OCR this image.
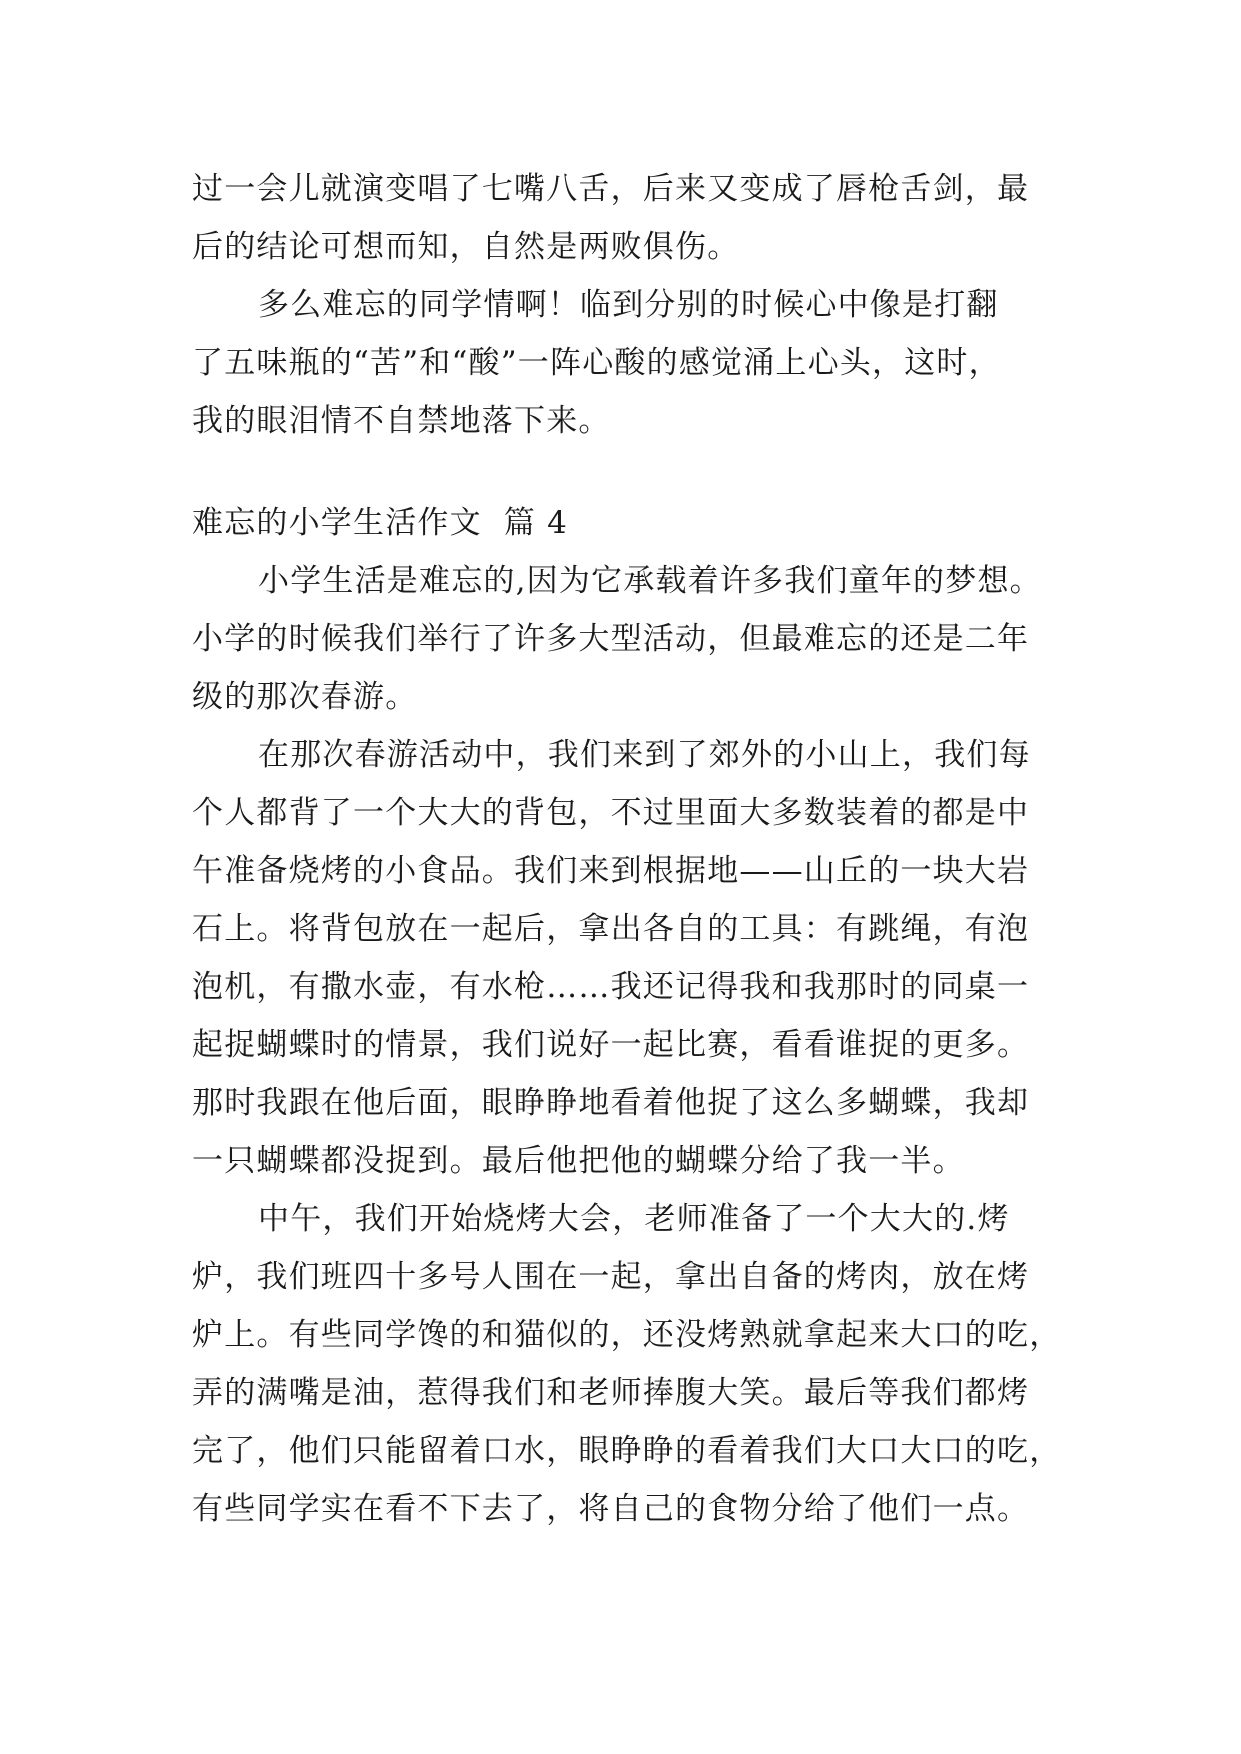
过一会儿就演变唱了七嘴八舌，后来又变成了唇枪舌剑，最
后的结论可想而知，自然是两败俱伤。
多么难忘的同学情啊！临到分别的时候心中像是打翻
了五味瓶的“苦”和“酸”一阵心酸的感觉涌上心头，这时，
我的眼泪情不自禁地落下来。
难忘的小学生活作文  篇 4
小学生活是难忘的,因为它承载着许多我们童年的梦想。
小学的时候我们举行了许多大型活动，但最难忘的还是二年
级的那次春游。
在那次春游活动中，我们来到了郊外的小山上，我们每
个人都背了一个大大的背包，不过里面大多数装着的都是中
午准备烧烤的小食品。我们来到根据地——山丘的一块大岩
石上。将背包放在一起后，拿出各自的工具：有跳绳，有泡
泡机，有撒水壶，有水枪……我还记得我和我那时的同桌一
起捉蝴蝶时的情景，我们说好一起比赛，看看谁捉的更多。
那时我跟在他后面，眼睁睁地看着他捉了这么多蝴蝶，我却
一只蝴蝶都没捉到。最后他把他的蝴蝶分给了我一半。
中午，我们开始烧烤大会，老师准备了一个大大的.烤
炉，我们班四十多号人围在一起，拿出自备的烤肉，放在烤
炉上。有些同学馋的和猫似的，还没烤熟就拿起来大口的吃，
弄的满嘴是油，惹得我们和老师捧腹大笑。最后等我们都烤
完了，他们只能留着口水，眼睁睁的看着我们大口大口的吃，
有些同学实在看不下去了，将自己的食物分给了他们一点。
